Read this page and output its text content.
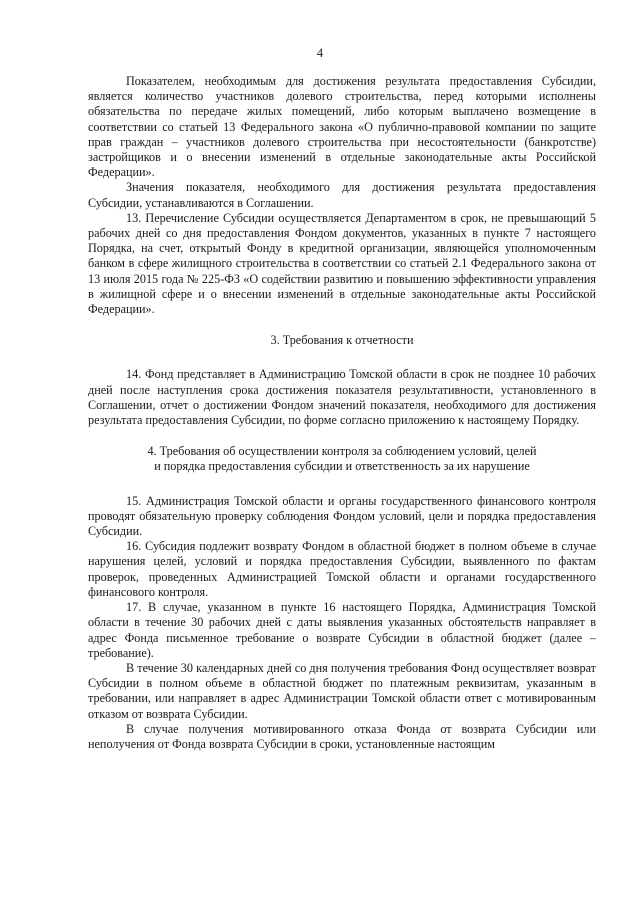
4

Показателем, необходимым для достижения результата предоставления Субсидии, является количество участников долевого строительства, перед которыми исполнены обязательства по передаче жилых помещений, либо которым выплачено возмещение в соответствии со статьей 13 Федерального закона «О публично-правовой компании по защите прав граждан – участников долевого строительства при несостоятельности (банкротстве) застройщиков и о внесении изменений в отдельные законодательные акты Российской Федерации».

Значения показателя, необходимого для достижения результата предоставления Субсидии, устанавливаются в Соглашении.

13. Перечисление Субсидии осуществляется Департаментом в срок, не превышающий 5 рабочих дней со дня предоставления Фондом документов, указанных в пункте 7 настоящего Порядка, на счет, открытый Фонду в кредитной организации, являющейся уполномоченным банком в сфере жилищного строительства в соответствии со статьей 2.1 Федерального закона от 13 июля 2015 года № 225-ФЗ «О содействии развитию и повышению эффективности управления в жилищной сфере и о внесении изменений в отдельные законодательные акты Российской Федерации».

3. Требования к отчетности

14. Фонд представляет в Администрацию Томской области в срок не позднее 10 рабочих дней после наступления срока достижения показателя результативности, установленного в Соглашении, отчет о достижении Фондом значений показателя, необходимого для достижения результата предоставления Субсидии, по форме согласно приложению к настоящему Порядку.

4. Требования об осуществлении контроля за соблюдением условий, целей
и порядка предоставления субсидии и ответственность за их нарушение

15. Администрация Томской области и органы государственного финансового контроля проводят обязательную проверку соблюдения Фондом условий, цели и порядка предоставления Субсидии.

16. Субсидия подлежит возврату Фондом в областной бюджет в полном объеме в случае нарушения целей, условий и порядка предоставления Субсидии, выявленного по фактам проверок, проведенных Администрацией Томской области и органами государственного финансового контроля.

17. В случае, указанном в пункте 16 настоящего Порядка, Администрация Томской области в течение 30 рабочих дней с даты выявления указанных обстоятельств направляет в адрес Фонда письменное требование о возврате Субсидии в областной бюджет (далее – требование).

В течение 30 календарных дней со дня получения требования Фонд осуществляет возврат Субсидии в полном объеме в областной бюджет по платежным реквизитам, указанным в требовании, или направляет в адрес Администрации Томской области ответ с мотивированным отказом от возврата Субсидии.

В случае получения мотивированного отказа Фонда от возврата Субсидии или неполучения от Фонда возврата Субсидии в сроки, установленные настоящим
